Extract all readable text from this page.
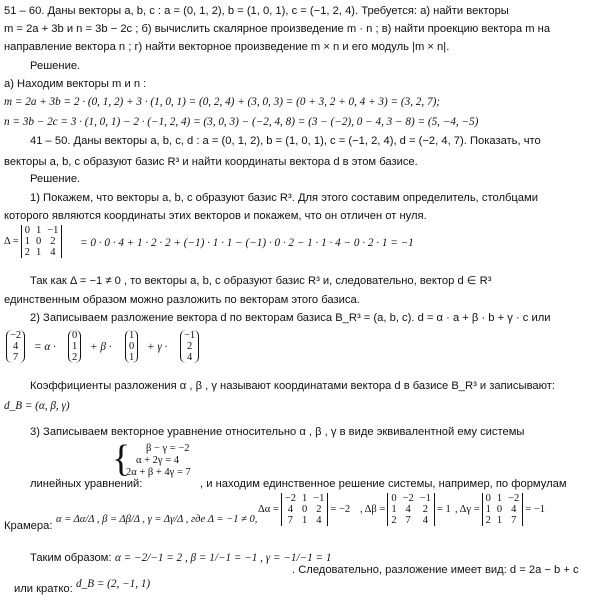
51 – 60. Даны векторы a, b, c : a = (0, 1, 2), b = (1, 0, 1), c = (−1, 2, 4). Требуется: а) найти векторы
m = 2a + 3b и n = 3b − 2c ; б) вычислить скалярное произведение m · n ; в) найти проекцию вектора m на
направление вектора n ; г) найти векторное произведение m × n и его модуль |m × n|.
Решение.
а) Находим векторы m и n :
m = 2a + 3b = 2 · (0, 1, 2) + 3 · (1, 0, 1) = (0, 2, 4) + (3, 0, 3) = (0 + 3, 2 + 0, 4 + 3) = (3, 2, 7);
n = 3b − 2c = 3 · (1, 0, 1) − 2 · (−1, 2, 4) = (3, 0, 3) − (−2, 4, 8) = (3 − (−2), 0 − 4, 3 − 8) = (5, −4, −5)
41 – 50. Даны векторы a, b, c, d : a = (0, 1, 2), b = (1, 0, 1), c = (−1, 2, 4), d = (−2, 4, 7). Показать, что
векторы a, b, c образуют базис R³ и найти координаты вектора d в этом базисе.
Решение.
1) Покажем, что векторы a, b, c образуют базис R³. Для этого составим определитель, столбцами
которого являются координаты этих векторов и покажем, что он отличен от нуля.
Δ =
0	1	−1
1	0	2
2	1	4
= 0 · 0 · 4 + 1 · 2 · 2 + (−1) · 1 · 1 − (−1) · 0 · 2 − 1 · 1 · 4 − 0 · 2 · 1 = −1
Так как Δ = −1 ≠ 0 , то векторы a, b, c образуют базис R³ и, следовательно, вектор d ∈ R³
единственным образом можно разложить по векторам этого базиса.
2) Записываем разложение вектора d по векторам базиса B_R³ = (a, b, c). d = α · a + β · b + γ · c или
−2
4
7
= α ·
0
1
2
+ β ·
1
0
1
+ γ ·
−1
2
4
Коэффициенты разложения α , β , γ называют координатами вектора d в базисе B_R³ и записывают:
d_B = (α, β, γ)
3) Записываем векторное уравнение относительно α , β , γ в виде эквивалентной ему системы
{	β − γ = −2
α + 2γ = 4
2α + β + 4γ = 7
линейных уравнений:	, и находим единственное решение системы, например, по формулам
Крамера:
α = Δα/Δ , β = Δβ/Δ , γ = Δγ/Δ , где Δ = −1 ≠ 0,
Δα =
−2	1	−1
4	0	2
7	1	4
= −2 , Δβ =
0	−2	−1
1	4	2
2	7	4
= 1 , Δγ =
0	1	−2
1	0	4
2	1	7
= −1
Таким образом: α = −2/−1 = 2 , β = 1/−1 = −1 , γ = −1/−1 = 1
. Следовательно, разложение имеет вид: d = 2a − b + c
или кратко: d_B = (2, −1, 1)
